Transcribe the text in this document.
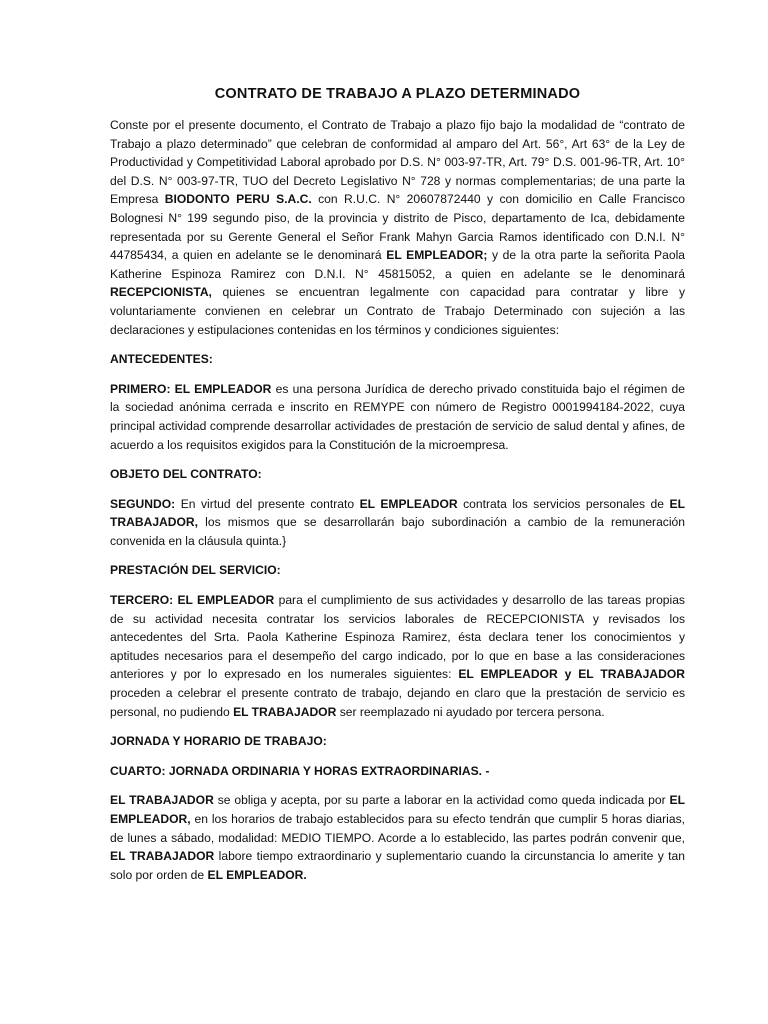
CONTRATO DE TRABAJO A PLAZO DETERMINADO

Conste por el presente documento, el Contrato de Trabajo a plazo fijo bajo la modalidad de “contrato de Trabajo a plazo determinado” que celebran de conformidad al amparo del Art. 56°, Art 63° de la Ley de Productividad y Competitividad Laboral aprobado por D.S. N° 003-97-TR, Art. 79° D.S. 001-96-TR, Art. 10° del D.S. N° 003-97-TR, TUO del Decreto Legislativo N° 728 y normas complementarias; de una parte la Empresa BIODONTO PERU S.A.C. con R.U.C. N° 20607872440 y con domicilio en Calle Francisco Bolognesi N° 199 segundo piso, de la provincia y distrito de Pisco, departamento de Ica, debidamente representada por su Gerente General el Señor Frank Mahyn Garcia Ramos identificado con D.N.I. N° 44785434, a quien en adelante se le denominará EL EMPLEADOR; y de la otra parte la señorita Paola Katherine Espinoza Ramirez con D.N.I. N° 45815052, a quien en adelante se le denominará RECEPCIONISTA, quienes se encuentran legalmente con capacidad para contratar y libre y voluntariamente convienen en celebrar un Contrato de Trabajo Determinado con sujeción a las declaraciones y estipulaciones contenidas en los términos y condiciones siguientes:

ANTECEDENTES:

PRIMERO: EL EMPLEADOR es una persona Jurídica de derecho privado constituida bajo el régimen de la sociedad anónima cerrada e inscrito en REMYPE con número de Registro 0001994184-2022, cuya principal actividad comprende desarrollar actividades de prestación de servicio de salud dental y afines, de acuerdo a los requisitos exigidos para la Constitución de la microempresa.

OBJETO DEL CONTRATO:

SEGUNDO: En virtud del presente contrato EL EMPLEADOR contrata los servicios personales de EL TRABAJADOR, los mismos que se desarrollarán bajo subordinación a cambio de la remuneración convenida en la cláusula quinta.}

PRESTACIÓN DEL SERVICIO:

TERCERO: EL EMPLEADOR para el cumplimiento de sus actividades y desarrollo de las tareas propias de su actividad necesita contratar los servicios laborales de RECEPCIONISTA y revisados los antecedentes del Srta. Paola Katherine Espinoza Ramirez, ésta declara tener los conocimientos y aptitudes necesarios para el desempeño del cargo indicado, por lo que en base a las consideraciones anteriores y por lo expresado en los numerales siguientes: EL EMPLEADOR y EL TRABAJADOR proceden a celebrar el presente contrato de trabajo, dejando en claro que la prestación de servicio es personal, no pudiendo EL TRABAJADOR ser reemplazado ni ayudado por tercera persona.

JORNADA Y HORARIO DE TRABAJO:

CUARTO: JORNADA ORDINARIA Y HORAS EXTRAORDINARIAS. -

EL TRABAJADOR se obliga y acepta, por su parte a laborar en la actividad como queda indicada por EL EMPLEADOR, en los horarios de trabajo establecidos para su efecto tendrán que cumplir 5 horas diarias, de lunes a sábado, modalidad: MEDIO TIEMPO. Acorde a lo establecido, las partes podrán convenir que, EL TRABAJADOR labore tiempo extraordinario y suplementario cuando la circunstancia lo amerite y tan solo por orden de EL EMPLEADOR.
